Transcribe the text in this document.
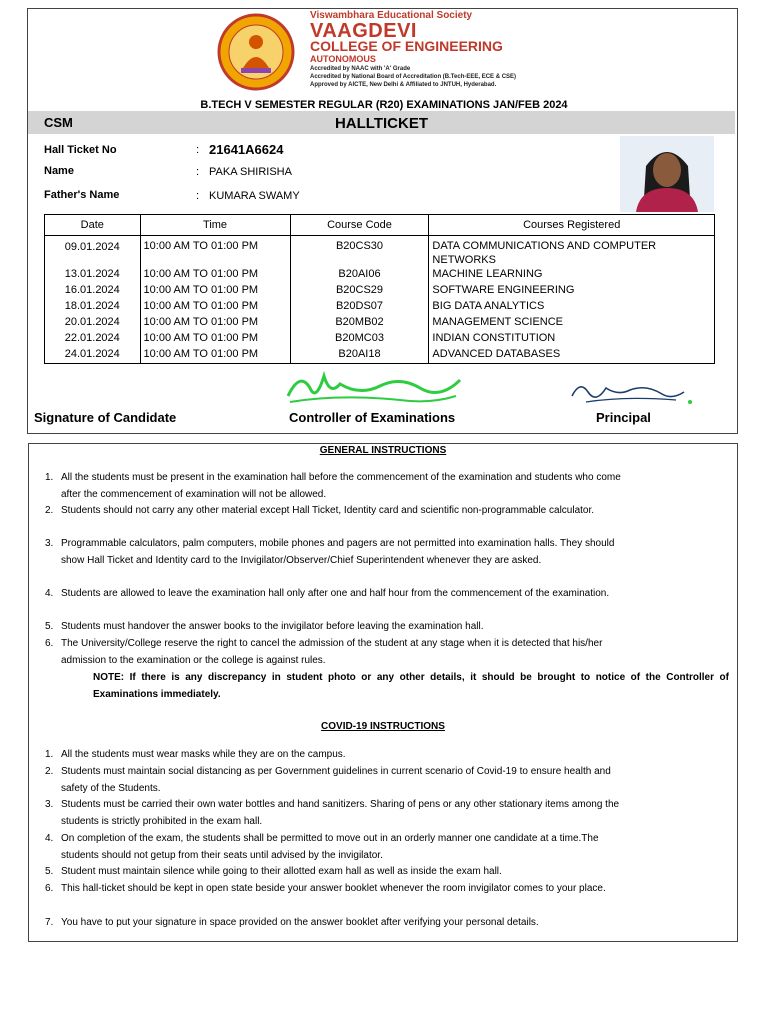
Viswambhara Educational Society
VAAGDEVI
COLLEGE OF ENGINEERING
AUTONOMOUS
Accredited by NAAC with 'A' Grade
Accredited by National Board of Accreditation (B.Tech-EEE, ECE & CSE)
Approved by AICTE, New Delhi & Affiliated to JNTUH, Hyderabad.
B.TECH V SEMESTER REGULAR (R20) EXAMINATIONS JAN/FEB 2024
HALLTICKET
CSM
Hall Ticket No	: 21641A6624
Name	: PAKA SHIRISHA
Father's Name	: KUMARA SWAMY
Date	Time	Course Code	Courses Registered
09.01.2024	10:00 AM TO 01:00 PM	B20CS30	DATA COMMUNICATIONS AND COMPUTER NETWORKS
13.01.2024	10:00 AM TO 01:00 PM	B20AI06	MACHINE LEARNING
16.01.2024	10:00 AM TO 01:00 PM	B20CS29	SOFTWARE ENGINEERING
18.01.2024	10:00 AM TO 01:00 PM	B20DS07	BIG DATA ANALYTICS
20.01.2024	10:00 AM TO 01:00 PM	B20MB02	MANAGEMENT SCIENCE
22.01.2024	10:00 AM TO 01:00 PM	B20MC03	INDIAN CONSTITUTION
24.01.2024	10:00 AM TO 01:00 PM	B20AI18	ADVANCED DATABASES
Signature of Candidate	Controller of Examinations	Principal
GENERAL INSTRUCTIONS
1. All the students must be present in the examination hall before the commencement of the examination and students who come after the commencement of examination will not be allowed.
2. Students should not carry any other material except Hall Ticket, Identity card and scientific non-programmable calculator.
3. Programmable calculators, palm computers, mobile phones and pagers are not permitted into examination halls. They should show Hall Ticket and Identity card to the Invigilator/Observer/Chief Superintendent whenever they are asked.
4. Students are allowed to leave the examination hall only after one and half hour from the commencement of the examination.
5. Students must handover the answer books to the invigilator before leaving the examination hall.
6. The University/College reserve the right to cancel the admission of the student at any stage when it is detected that his/her admission to the examination or the college is against rules.
NOTE: If there is any discrepancy in student photo or any other details, it should be brought to notice of the Controller of Examinations immediately.
COVID-19 INSTRUCTIONS
1. All the students must wear masks while they are on the campus.
2. Students must maintain social distancing as per Government guidelines in current scenario of Covid-19 to ensure health and safety of the Students.
3. Students must be carried their own water bottles and hand sanitizers. Sharing of pens or any other stationary items among the students is strictly prohibited in the exam hall.
4. On completion of the exam, the students shall be permitted to move out in an orderly manner one candidate at a time.The students should not getup from their seats until advised by the invigilator.
5. Student must maintain silence while going to their allotted exam hall as well as inside the exam hall.
6. This hall-ticket should be kept in open state beside your answer booklet whenever the room invigilator comes to your place.
7. You have to put your signature in space provided on the answer booklet after verifying your personal details.
